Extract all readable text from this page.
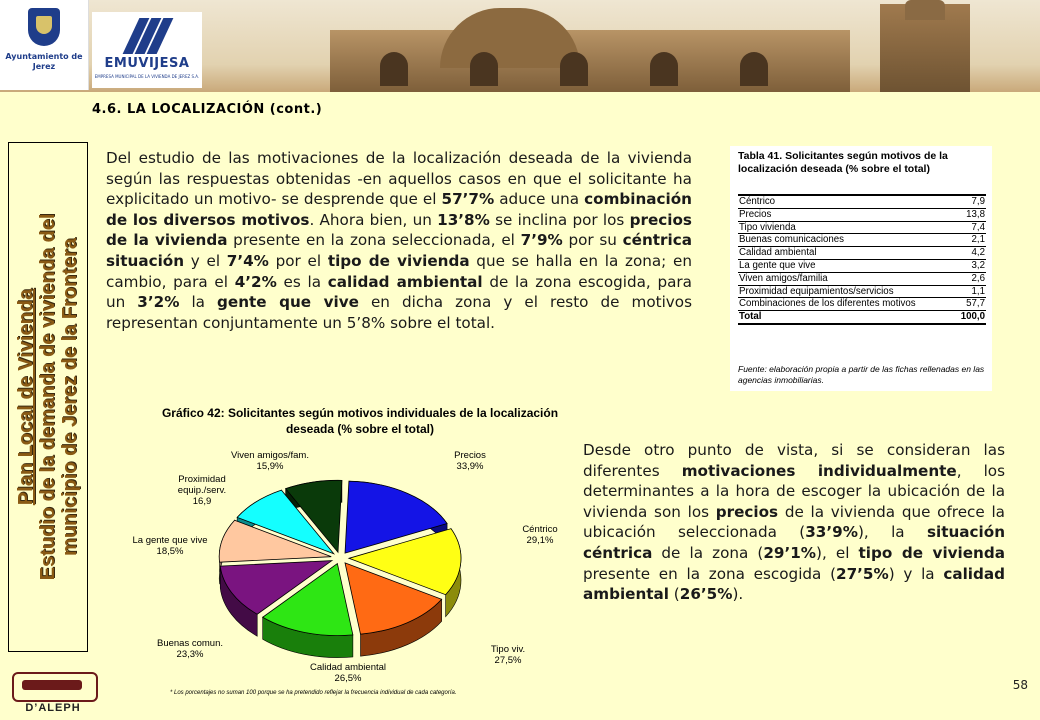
Ayuntamiento de Jerez	EMUVIJESA
EMPRESA MUNICIPAL DE LA VIVIENDA DE JEREZ S.A.
4.6. LA LOCALIZACIÓN (cont.)
Plan Local de Vivienda Estudio de la demanda de vivienda del municipio de Jerez de la Frontera
Del estudio de las motivaciones de la localización deseada de la vivienda según las respuestas obtenidas -en aquellos casos en que el solicitante ha explicitado un motivo- se desprende que el 57’7% aduce una combinación de los diversos motivos. Ahora bien, un 13’8% se inclina por los precios de la vivienda presente en la zona seleccionada, el 7’9% por su céntrica situación y el 7’4% por el tipo de vivienda que se halla en la zona; en cambio, para el 4’2% es la calidad ambiental de la zona escogida, para un 3’2% la gente que vive en dicha zona y el resto de motivos representan conjuntamente un 5’8% sobre el total.
Tabla 41. Solicitantes según motivos de la localización deseada (% sobre el total)
Céntrico	7,9
Precios	13,8
Tipo vivienda	7,4
Buenas comunicaciones	2,1
Calidad ambiental	4,2
La gente que vive	3,2
Viven amigos/familia	2,6
Proximidad equipamientos/servicios	1,1
Combinaciones de los diferentes motivos	57,7
Total	100,0
Fuente: elaboración propia a partir de las fichas rellenadas en las agencias inmobiliarias.
Gráfico 42: Solicitantes según motivos individuales de la localización deseada (% sobre el total)
Precios 33,9%
Céntrico 29,1%
Tipo viv. 27,5%
Calidad ambiental 26,5%
Buenas comun. 23,3%
La gente que vive 18,5%
Proximidad equip./serv. 16,9
Viven amigos/fam. 15,9%
* Los porcentajes no suman 100 porque se ha pretendido reflejar la frecuencia individual de cada categoría.
Desde otro punto de vista, si se consideran las diferentes motivaciones individualmente, los determinantes a la hora de escoger la ubicación de la vivienda son los precios de la vivienda que ofrece la ubicación seleccionada (33’9%), la situación céntrica de la zona (29’1%), el tipo de vivienda presente en la zona escogida (27’5%) y la calidad ambiental (26’5%).
D’ALEPH
58
